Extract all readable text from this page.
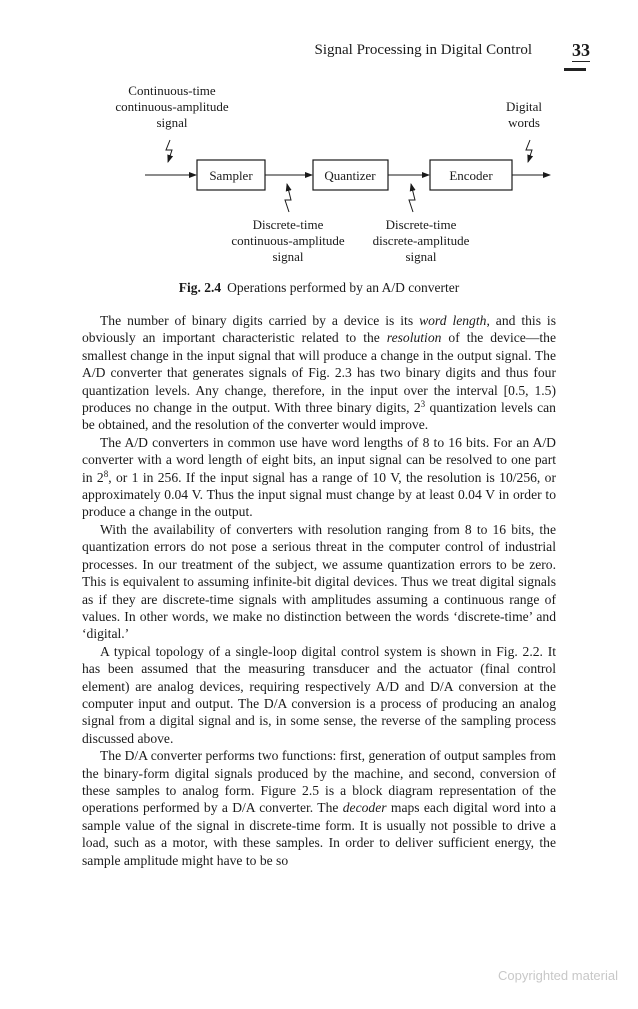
Signal Processing in Digital Control 33
Continuous-time
continuous-amplitude
signal
Digital
words
Sampler	Quantizer	Encoder
Discrete-time
continuous-amplitude
signal
Discrete-time
discrete-amplitude
signal
Fig. 2.4 Operations performed by an A/D converter

The number of binary digits carried by a device is its word length, and this is obviously an important characteristic related to the resolution of the device—the smallest change in the input signal that will produce a change in the output signal. The A/D converter that generates signals of Fig. 2.3 has two binary digits and thus four quantization levels. Any change, therefore, in the input over the interval [0.5, 1.5) produces no change in the output. With three binary digits, $2^3$ quantization levels can be obtained, and the resolution of the converter would improve.

The A/D converters in common use have word lengths of 8 to 16 bits. For an A/D converter with a word length of eight bits, an input signal can be resolved to one part in $2^8$, or 1 in 256. If the input signal has a range of 10 V, the resolution is 10/256, or approximately 0.04 V. Thus the input signal must change by at least 0.04 V in order to produce a change in the output.

With the availability of converters with resolution ranging from 8 to 16 bits, the quantization errors do not pose a serious threat in the computer control of industrial processes. In our treatment of the subject, we assume quantization errors to be zero. This is equivalent to assuming infinite-bit digital devices. Thus we treat digital signals as if they are discrete-time signals with amplitudes assuming a continuous range of values. In other words, we make no distinction between the words ‘discrete-time’ and ‘digital.’

A typical topology of a single-loop digital control system is shown in Fig. 2.2. It has been assumed that the measuring transducer and the actuator (final control element) are analog devices, requiring respectively A/D and D/A conversion at the computer input and output. The D/A conversion is a process of producing an analog signal from a digital signal and is, in some sense, the reverse of the sampling process discussed above.

The D/A converter performs two functions: first, generation of output samples from the binary-form digital signals produced by the machine, and second, conversion of these samples to analog form. Figure 2.5 is a block diagram representation of the operations performed by a D/A converter. The decoder maps each digital word into a sample value of the signal in discrete-time form. It is usually not possible to drive a load, such as a motor, with these samples. In order to deliver sufficient energy, the sample amplitude might have to be so

Copyrighted material
